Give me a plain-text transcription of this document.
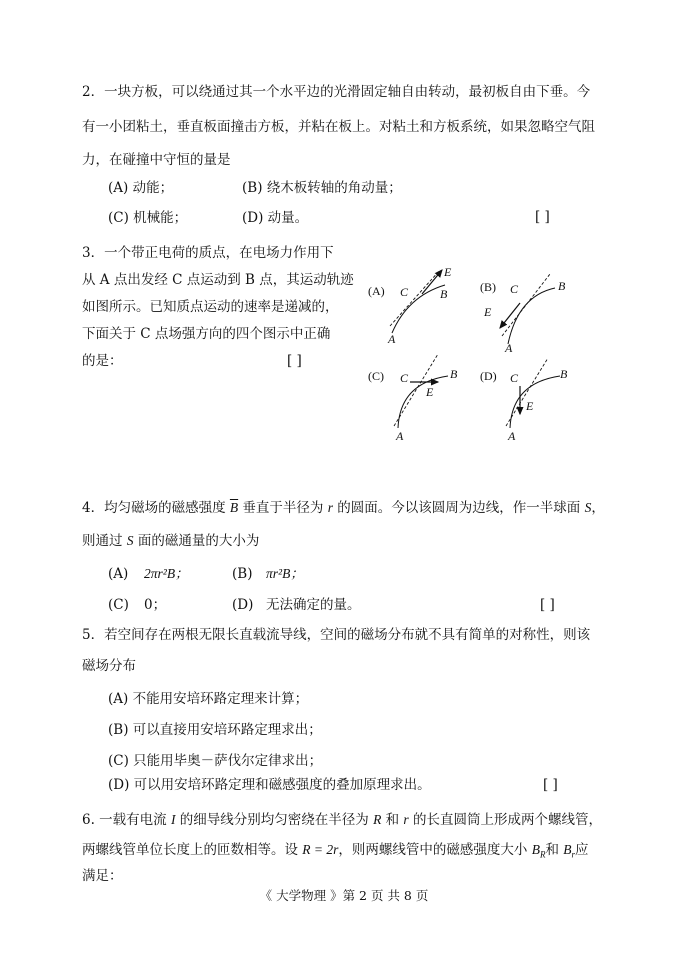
2．一块方板，可以绕通过其一个水平边的光滑固定轴自由转动，最初板自由下垂。今
有一小团粘土，垂直板面撞击方板，并粘在板上。对粘土和方板系统，如果忽略空气阻
力，在碰撞中守恒的量是
(A) 动能；	(B) 绕木板转轴的角动量；
(C) 机械能；	(D) 动量。	[ ]
3．一个带正电荷的质点，在电场力作用下
从 A 点出发经 C 点运动到 B 点，其运动轨迹
如图所示。已知质点运动的速率是递减的，
下面关于 C 点场强方向的四个图示中正确
的是：	[ ]
(A)
E
C	B
A
(B)
E
C	B
A
(C)
E
C	B
A
(D)
E
C	B
A
4．均匀磁场的磁感强度 $\overline{B}$ 垂直于半径为 r 的圆面。今以该圆周为边线，作一半球面 S，
则通过 S 面的磁通量的大小为
(A) 2πr²B；	(B) πr²B；
(C) 0；	(D) 无法确定的量。	[ ]
5．若空间存在两根无限长直载流导线，空间的磁场分布就不具有简单的对称性，则该
磁场分布
(A) 不能用安培环路定理来计算；
(B) 可以直接用安培环路定理求出；
(C) 只能用毕奥－萨伐尔定律求出；
(D) 可以用安培环路定理和磁感强度的叠加原理求出。	[ ]
6. 一载有电流 I 的细导线分别均匀密绕在半径为 R 和 r 的长直圆筒上形成两个螺线管，
两螺线管单位长度上的匝数相等。设 R = 2r，则两螺线管中的磁感强度大小 $B_R$和 $B_r$应
满足：
《 大学物理 》第 2 页 共 8 页
